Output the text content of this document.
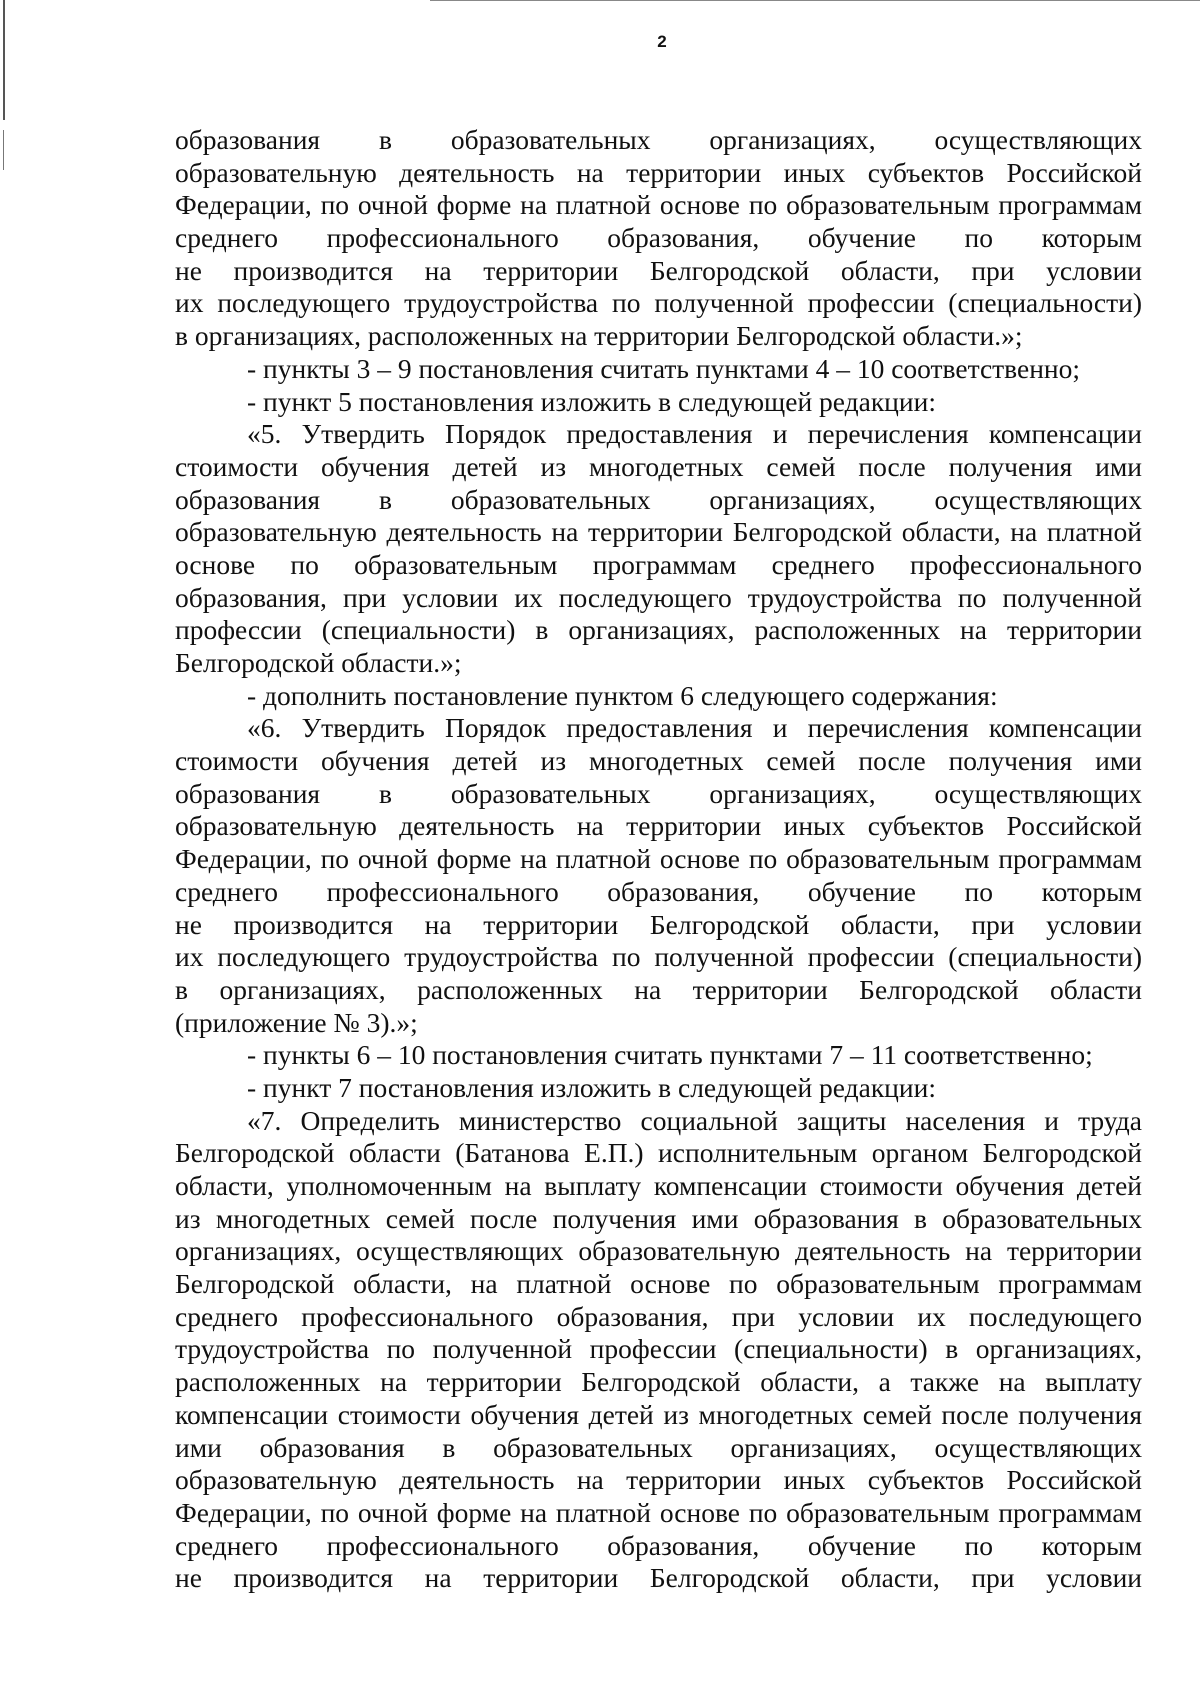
2
образования в образовательных организациях, осуществляющих
образовательную деятельность на территории иных субъектов Российской
Федерации, по очной форме на платной основе по образовательным программам
среднего профессионального образования, обучение по которым
не производится на территории Белгородской области, при условии
их последующего трудоустройства по полученной профессии (специальности)
в организациях, расположенных на территории Белгородской области.»;
- пункты 3 – 9 постановления считать пунктами 4 – 10 соответственно;
- пункт 5 постановления изложить в следующей редакции:
«5. Утвердить Порядок предоставления и перечисления компенсации
стоимости обучения детей из многодетных семей после получения ими
образования в образовательных организациях, осуществляющих
образовательную деятельность на территории Белгородской области, на платной
основе по образовательным программам среднего профессионального
образования, при условии их последующего трудоустройства по полученной
профессии (специальности) в организациях, расположенных на территории
Белгородской области.»;
- дополнить постановление пунктом 6 следующего содержания:
«6. Утвердить Порядок предоставления и перечисления компенсации
стоимости обучения детей из многодетных семей после получения ими
образования в образовательных организациях, осуществляющих
образовательную деятельность на территории иных субъектов Российской
Федерации, по очной форме на платной основе по образовательным программам
среднего профессионального образования, обучение по которым
не производится на территории Белгородской области, при условии
их последующего трудоустройства по полученной профессии (специальности)
в организациях, расположенных на территории Белгородской области
(приложение № 3).»;
- пункты 6 – 10 постановления считать пунктами 7 – 11 соответственно;
- пункт 7 постановления изложить в следующей редакции:
«7. Определить министерство социальной защиты населения и труда
Белгородской области (Батанова Е.П.) исполнительным органом Белгородской
области, уполномоченным на выплату компенсации стоимости обучения детей
из многодетных семей после получения ими образования в образовательных
организациях, осуществляющих образовательную деятельность на территории
Белгородской области, на платной основе по образовательным программам
среднего профессионального образования, при условии их последующего
трудоустройства по полученной профессии (специальности) в организациях,
расположенных на территории Белгородской области, а также на выплату
компенсации стоимости обучения детей из многодетных семей после получения
ими образования в образовательных организациях, осуществляющих
образовательную деятельность на территории иных субъектов Российской
Федерации, по очной форме на платной основе по образовательным программам
среднего профессионального образования, обучение по которым
не производится на территории Белгородской области, при условии
